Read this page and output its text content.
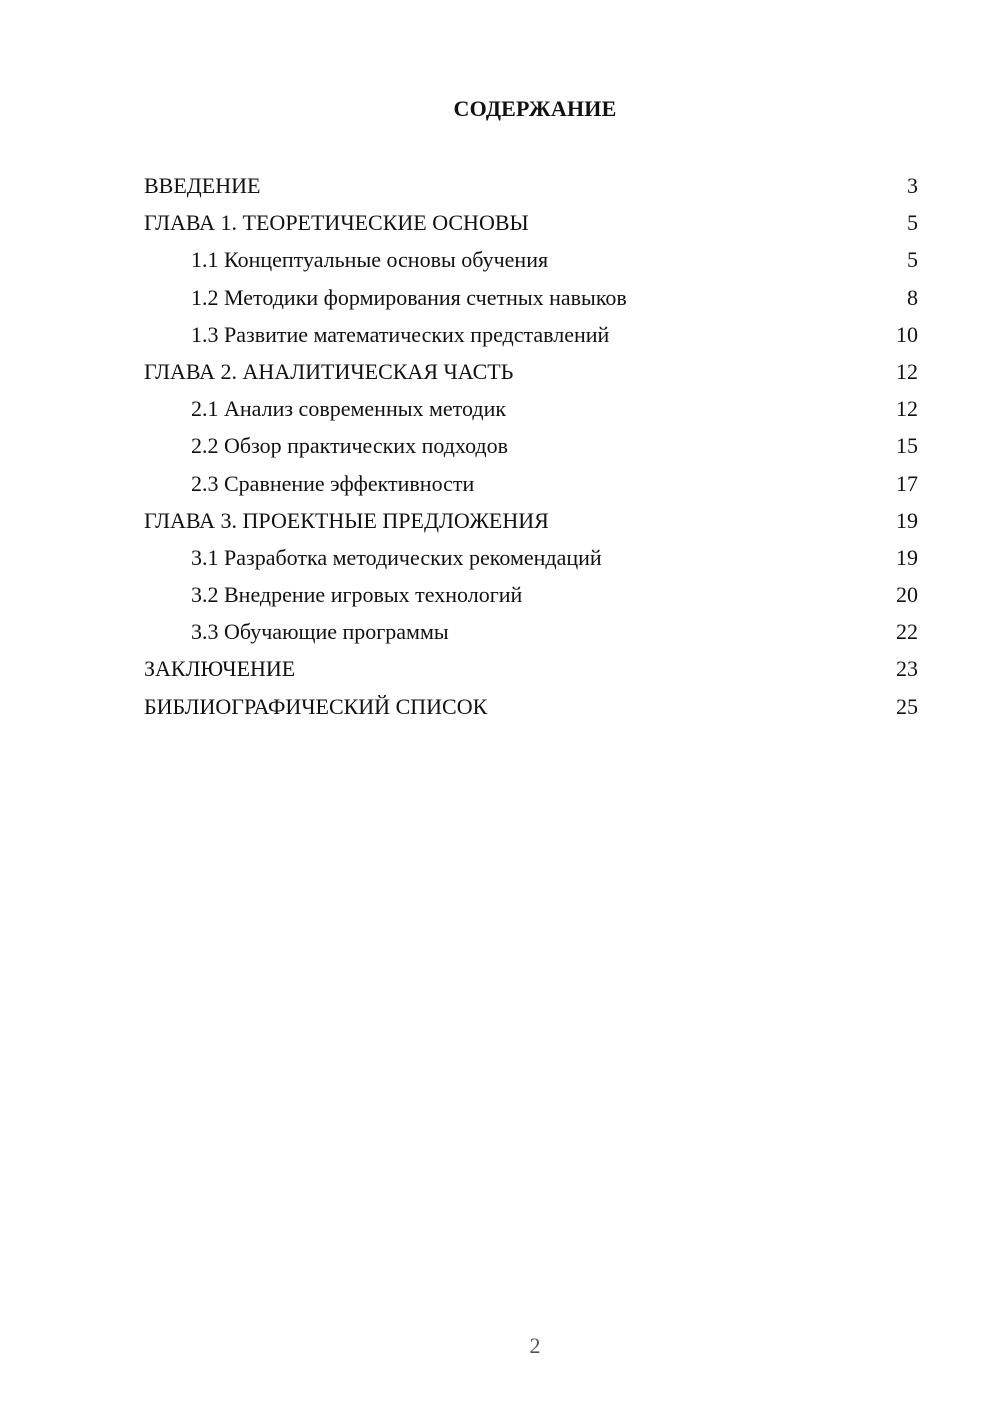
СОДЕРЖАНИЕ
ВВЕДЕНИЕ	3
ГЛАВА 1. ТЕОРЕТИЧЕСКИЕ ОСНОВЫ	5
1.1 Концептуальные основы обучения	5
1.2 Методики формирования счетных навыков	8
1.3 Развитие математических представлений	10
ГЛАВА 2. АНАЛИТИЧЕСКАЯ ЧАСТЬ	12
2.1 Анализ современных методик	12
2.2 Обзор практических подходов	15
2.3 Сравнение эффективности	17
ГЛАВА 3. ПРОЕКТНЫЕ ПРЕДЛОЖЕНИЯ	19
3.1 Разработка методических рекомендаций	19
3.2 Внедрение игровых технологий	20
3.3 Обучающие программы	22
ЗАКЛЮЧЕНИЕ	23
БИБЛИОГРАФИЧЕСКИЙ СПИСОК	25
2
